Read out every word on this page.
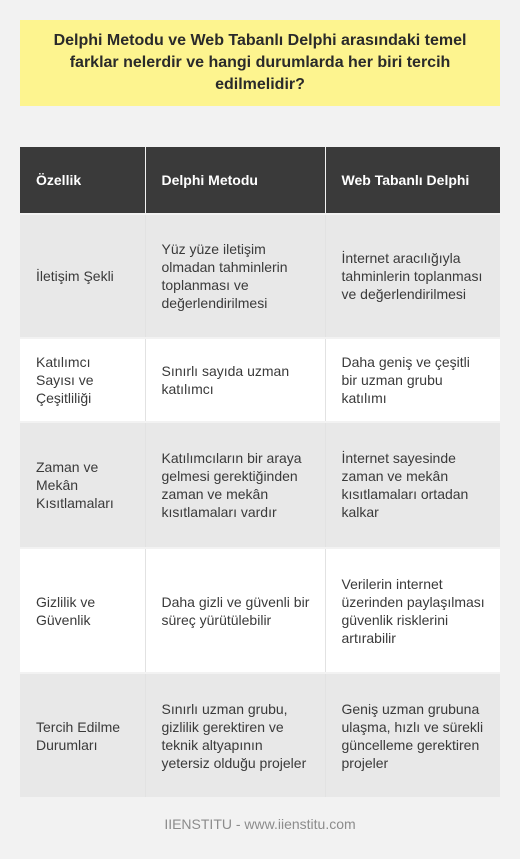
Delphi Metodu ve Web Tabanlı Delphi arasındaki temel farklar nelerdir ve hangi durumlarda her biri tercih edilmelidir?
Özellik	Delphi Metodu	Web Tabanlı Delphi
İletişim Şekli	Yüz yüze iletişim olmadan tahminlerin toplanması ve değerlendirilmesi	İnternet aracılığıyla tahminlerin toplanması ve değerlendirilmesi
Katılımcı Sayısı ve Çeşitliliği	Sınırlı sayıda uzman katılımcı	Daha geniş ve çeşitli bir uzman grubu katılımı
Zaman ve Mekân Kısıtlamaları	Katılımcıların bir araya gelmesi gerektiğinden zaman ve mekân kısıtlamaları vardır	İnternet sayesinde zaman ve mekân kısıtlamaları ortadan kalkar
Gizlilik ve Güvenlik	Daha gizli ve güvenli bir süreç yürütülebilir	Verilerin internet üzerinden paylaşılması güvenlik risklerini artırabilir
Tercih Edilme Durumları	Sınırlı uzman grubu, gizlilik gerektiren ve teknik altyapının yetersiz olduğu projeler	Geniş uzman grubuna ulaşma, hızlı ve sürekli güncelleme gerektiren projeler
IIENSTITU - www.iienstitu.com
